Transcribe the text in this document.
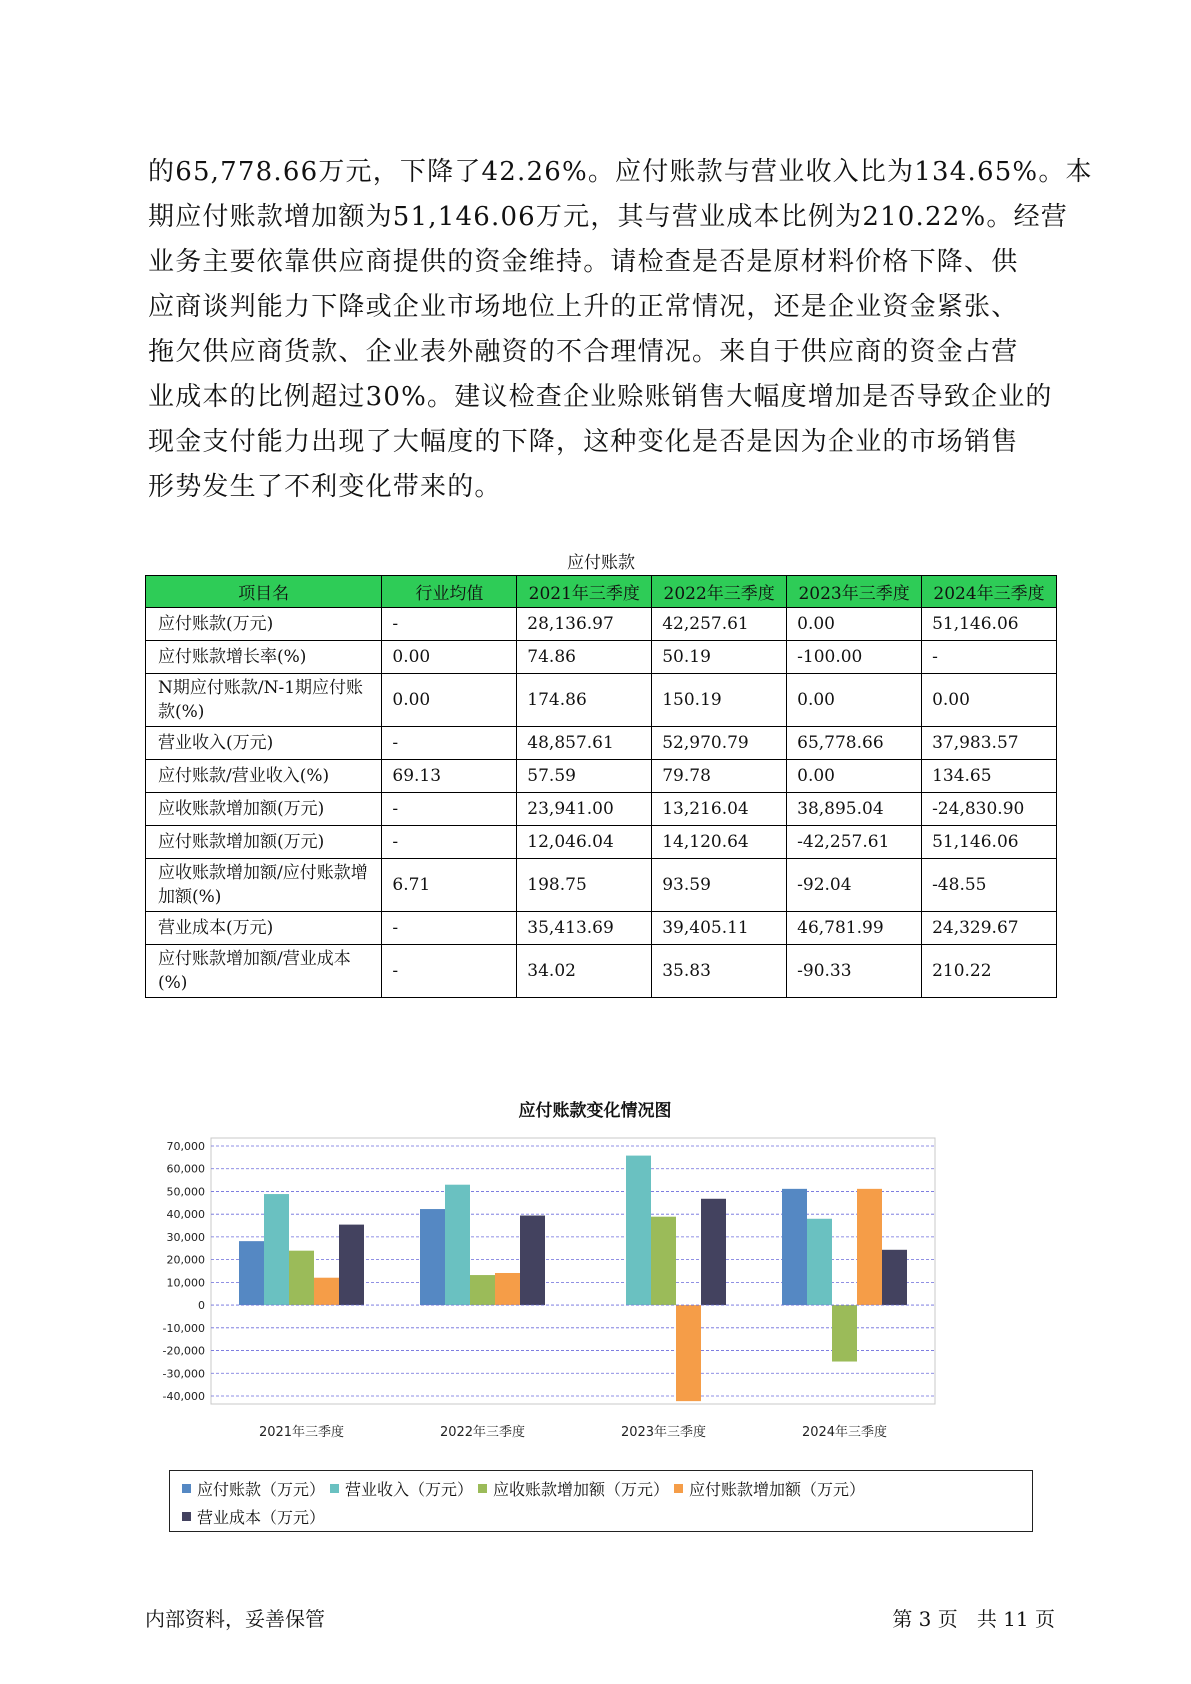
的65,778.66万元，下降了42.26%。应付账款与营业收入比为134.65%。本
期应付账款增加额为51,146.06万元，其与营业成本比例为210.22%。经营
业务主要依靠供应商提供的资金维持。请检查是否是原材料价格下降、供
应商谈判能力下降或企业市场地位上升的正常情况，还是企业资金紧张、
拖欠供应商货款、企业表外融资的不合理情况。来自于供应商的资金占营
业成本的比例超过30%。建议检查企业赊账销售大幅度增加是否导致企业的
现金支付能力出现了大幅度的下降，这种变化是否是因为企业的市场销售
形势发生了不利变化带来的。
应付账款
项目名	行业均值	2021年三季度	2022年三季度	2023年三季度	2024年三季度
应付账款(万元)	-	28,136.97	42,257.61	0.00	51,146.06
应付账款增长率(%)	0.00	74.86	50.19	-100.00	-
N期应付账款/N-1期应付账款(%)	0.00	174.86	150.19	0.00	0.00
营业收入(万元)	-	48,857.61	52,970.79	65,778.66	37,983.57
应付账款/营业收入(%)	69.13	57.59	79.78	0.00	134.65
应收账款增加额(万元)	-	23,941.00	13,216.04	38,895.04	-24,830.90
应付账款增加额(万元)	-	12,046.04	14,120.64	-42,257.61	51,146.06
应收账款增加额/应付账款增加额(%)	6.71	198.75	93.59	-92.04	-48.55
营业成本(万元)	-	35,413.69	39,405.11	46,781.99	24,329.67
应付账款增加额/营业成本(%)	-	34.02	35.83	-90.33	210.22
应付账款变化情况图
70,000
60,000
50,000
40,000
30,000
20,000
10,000
0
-10,000
-20,000
-30,000
-40,000
2021年三季度	2022年三季度	2023年三季度	2024年三季度
应付账款（万元） 营业收入（万元） 应收账款增加额（万元） 应付账款增加额（万元）
营业成本（万元）
内部资料，妥善保管	第 3 页   共 11 页
